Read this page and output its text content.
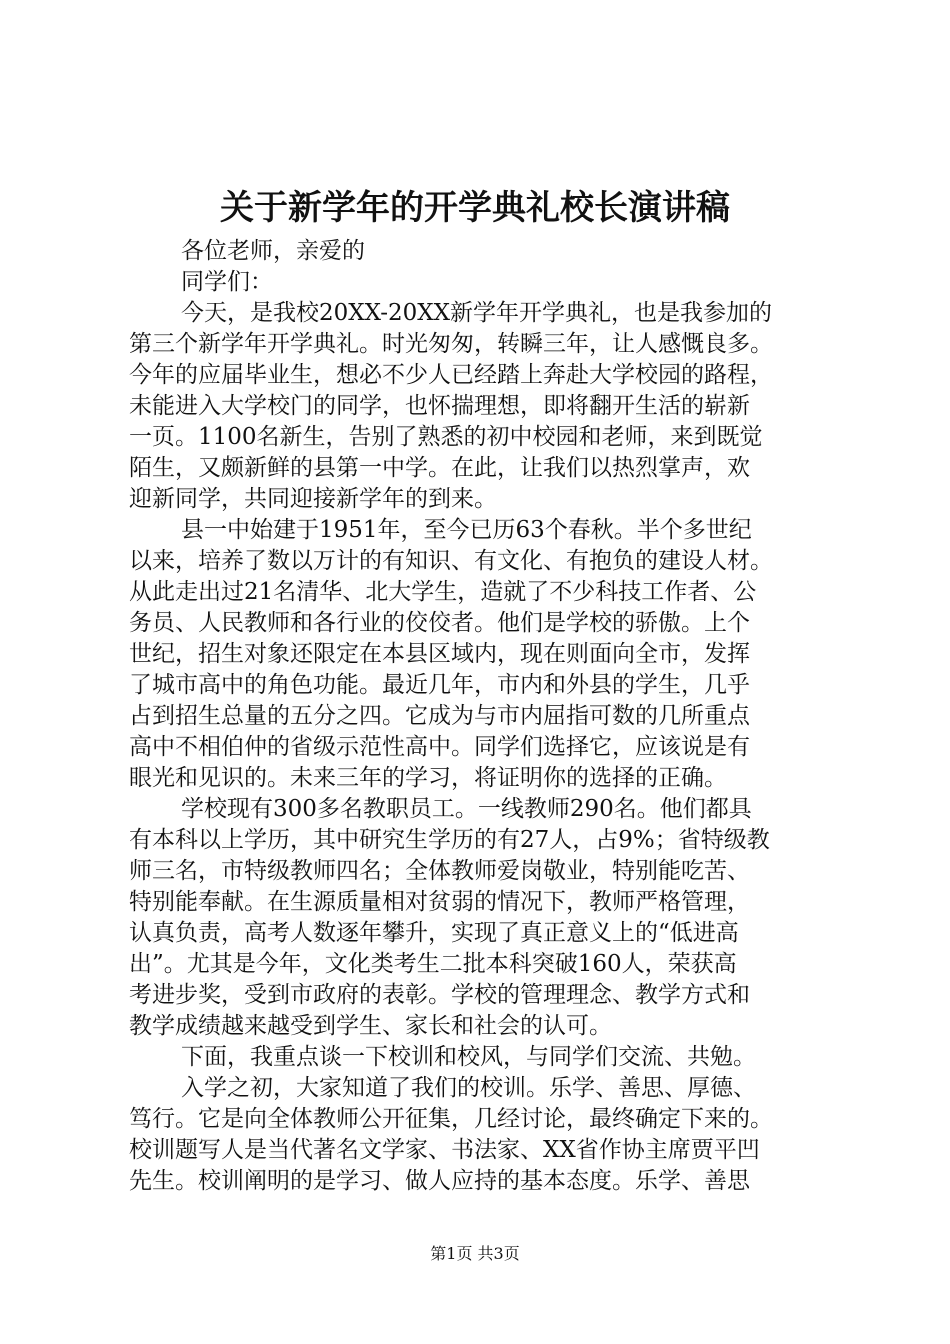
关于新学年的开学典礼校长演讲稿
各位老师，亲爱的
同学们：
今天，是我校20XX-20XX新学年开学典礼，也是我参加的
第三个新学年开学典礼。时光匆匆，转瞬三年，让人感慨良多。
今年的应届毕业生，想必不少人已经踏上奔赴大学校园的路程，
未能进入大学校门的同学，也怀揣理想，即将翻开生活的崭新
一页。1100名新生，告别了熟悉的初中校园和老师，来到既觉
陌生，又颇新鲜的县第一中学。在此，让我们以热烈掌声，欢
迎新同学，共同迎接新学年的到来。
县一中始建于1951年，至今已历63个春秋。半个多世纪
以来，培养了数以万计的有知识、有文化、有抱负的建设人材。
从此走出过21名清华、北大学生，造就了不少科技工作者、公
务员、人民教师和各行业的佼佼者。他们是学校的骄傲。上个
世纪，招生对象还限定在本县区域内，现在则面向全市，发挥
了城市高中的角色功能。最近几年，市内和外县的学生，几乎
占到招生总量的五分之四。它成为与市内屈指可数的几所重点
高中不相伯仲的省级示范性高中。同学们选择它，应该说是有
眼光和见识的。未来三年的学习，将证明你的选择的正确。
学校现有300多名教职员工。一线教师290名。他们都具
有本科以上学历，其中研究生学历的有27人，占9%；省特级教
师三名，市特级教师四名；全体教师爱岗敬业，特别能吃苦、
特别能奉献。在生源质量相对贫弱的情况下，教师严格管理，
认真负责，高考人数逐年攀升，实现了真正意义上的“低进高
出”。尤其是今年，文化类考生二批本科突破160人，荣获高
考进步奖，受到市政府的表彰。学校的管理理念、教学方式和
教学成绩越来越受到学生、家长和社会的认可。
下面，我重点谈一下校训和校风，与同学们交流、共勉。
入学之初，大家知道了我们的校训。乐学、善思、厚德、
笃行。它是向全体教师公开征集，几经讨论，最终确定下来的。
校训题写人是当代著名文学家、书法家、XX省作协主席贾平凹
先生。校训阐明的是学习、做人应持的基本态度。乐学、善思
第1页 共3页
